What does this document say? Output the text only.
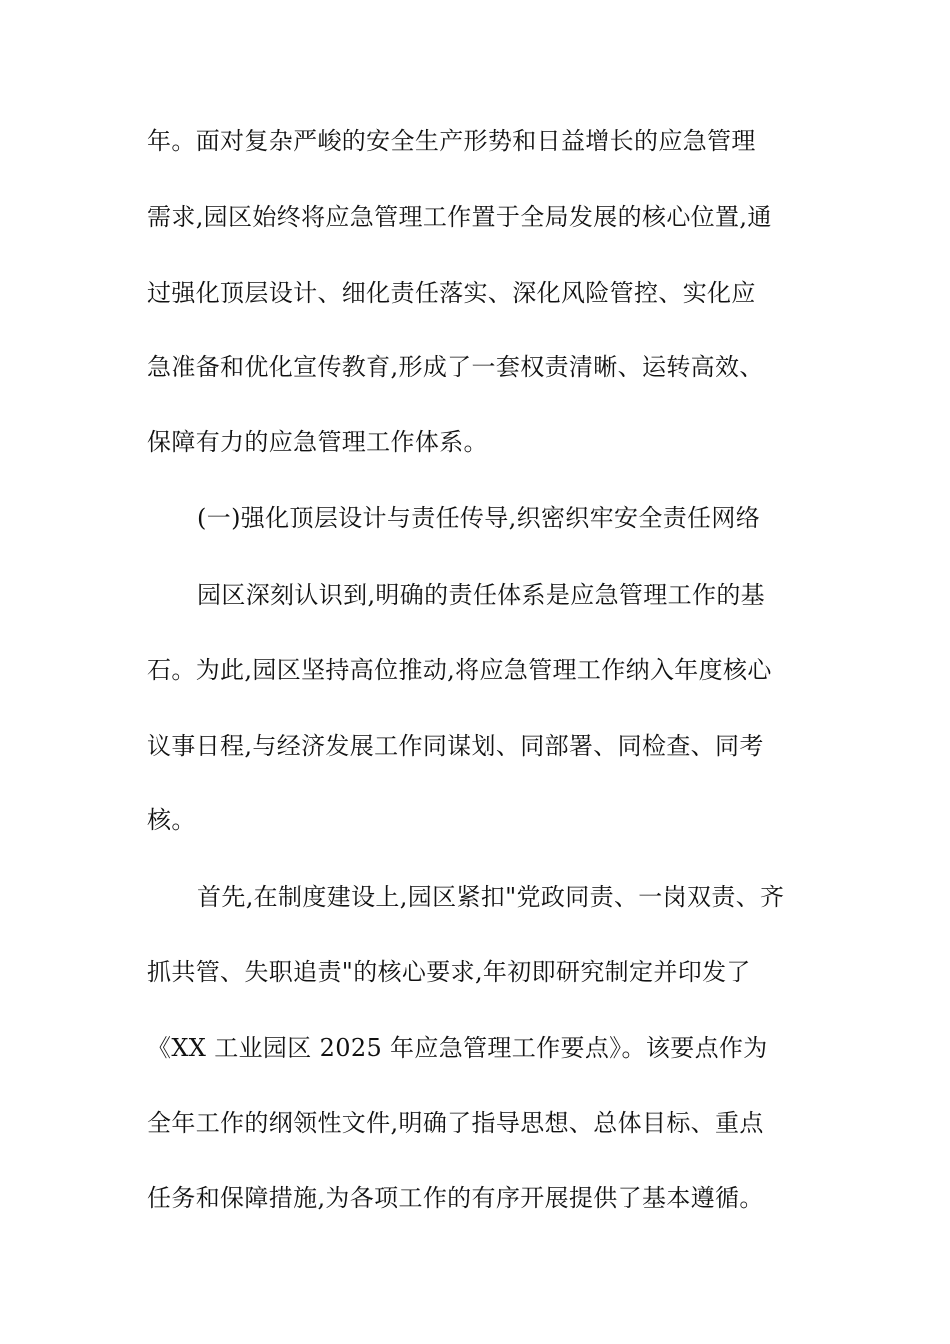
年。面对复杂严峻的安全生产形势和日益增长的应急管理

需求,园区始终将应急管理工作置于全局发展的核心位置,通

过强化顶层设计、细化责任落实、深化风险管控、实化应

急准备和优化宣传教育,形成了一套权责清晰、运转高效、

保障有力的应急管理工作体系。

(一)强化顶层设计与责任传导,织密织牢安全责任网络

园区深刻认识到,明确的责任体系是应急管理工作的基

石。为此,园区坚持高位推动,将应急管理工作纳入年度核心

议事日程,与经济发展工作同谋划、同部署、同检查、同考

核。

首先,在制度建设上,园区紧扣"党政同责、一岗双责、齐

抓共管、失职追责"的核心要求,年初即研究制定并印发了

《XX 工业园区 2025 年应急管理工作要点》。该要点作为

全年工作的纲领性文件,明确了指导思想、总体目标、重点

任务和保障措施,为各项工作的有序开展提供了基本遵循。
